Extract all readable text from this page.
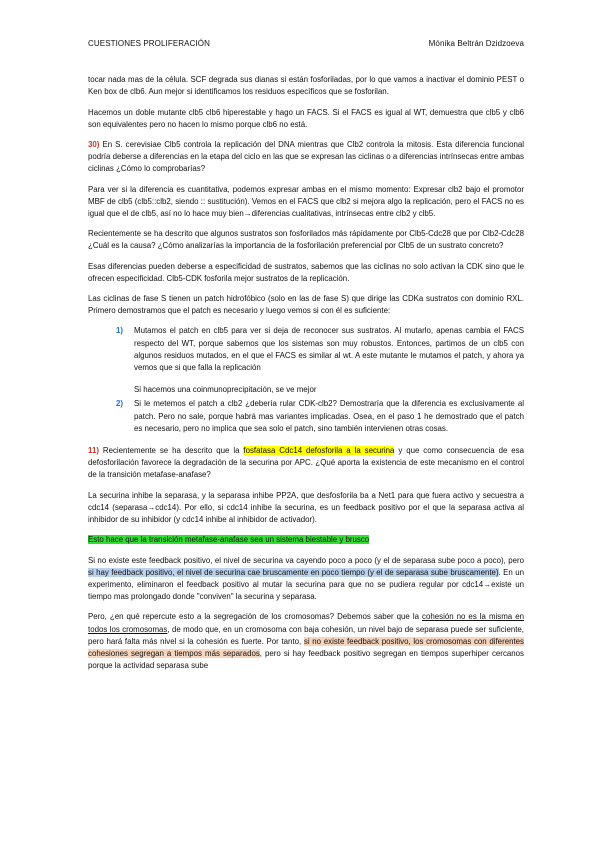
CUESTIONES PROLIFERACIÓN	Mónika Beltrán Dzidzoeva

tocar nada mas de la célula. SCF degrada sus dianas si están fosforiladas, por lo que vamos a inactivar el dominio PEST o Ken box de clb6. Aun mejor si identificamos los residuos específicos que se fosforilan.

Hacemos un doble mutante clb5 clb6 hiperestable y hago un FACS. Si el FACS es igual al WT, demuestra que clb5 y clb6 son equivalentes pero no hacen lo mismo porque clb6 no está.

30) En S. cerevisiae Clb5 controla la replicación del DNA mientras que Clb2 controla la mitosis. Esta diferencia funcional podría deberse a diferencias en la etapa del ciclo en las que se expresan las ciclinas o a diferencias intrínsecas entre ambas ciclinas ¿Cómo lo comprobarías?

Para ver si la diferencia es cuantitativa, podemos expresar ambas en el mismo momento: Expresar clb2 bajo el promotor MBF de clb5 (clb5::clb2, siendo :: sustitución). Vemos en el FACS que clb2 si mejora algo la replicación, pero el FACS no es igual que el de clb5, así no lo hace muy bien→diferencias cualitativas, intrínsecas entre clb2 y clb5.

Recientemente se ha descrito que algunos sustratos son fosforilados más rápidamente por Clb5-Cdc28 que por Clb2-Cdc28 ¿Cuál es la causa? ¿Cómo analizarías la importancia de la fosforilación preferencial por Clb5 de un sustrato concreto?

Esas diferencias pueden deberse a especificidad de sustratos, sabemos que las ciclinas no solo activan la CDK sino que le ofrecen especificidad. Clb5-CDK fosforila mejor sustratos de la replicación.

Las ciclinas de fase S tienen un patch hidrofóbico (solo en las de fase S) que dirige las CDKa sustratos con dominio RXL. Primero demostramos que el patch es necesario y luego vemos si con él es suficiente:

1)	Mutamos el patch en clb5 para ver si deja de reconocer sus sustratos. Al mutarlo, apenas cambia el FACS respecto del WT, porque sabemos que los sistemas son muy robustos. Entonces, partimos de un clb5 con algunos residuos mutados, en el que el FACS es similar al wt. A este mutante le mutamos el patch, y ahora ya vemos que si que falla la replicación

Si hacemos una coinmunoprecipitación, se ve mejor

2)	Si le metemos el patch a clb2 ¿debería rular CDK-clb2? Demostraría que la diferencia es exclusivamente al patch. Pero no sale, porque habrá mas variantes implicadas. Osea, en el paso 1 he demostrado que el patch es necesario, pero no implica que sea solo el patch, sino también intervienen otras cosas.

11) Recientemente se ha descrito que la fosfatasa Cdc14 defosforila a la securina y que como consecuencia de esa defosforilación favorece la degradación de la securina por APC. ¿Qué aporta la existencia de este mecanismo en el control de la transición metafase-anafase?

La securina inhibe la separasa, y la separasa inhibe PP2A, que desfosforila ba a Net1 para que fuera activo y secuestra a cdc14 (separasa→cdc14). Por ello, si cdc14 inhibe la securina, es un feedback positivo por el que la separasa activa al inhibidor de su inhibidor (y cdc14 inhibe al inhibidor de activador).

Esto hace que la transición metafase-anafase sea un sistema biestable y brusco

Si no existe este feedback positivo, el nivel de securina va cayendo poco a poco (y el de separasa sube poco a poco), pero si hay feedback positivo, el nivel de securina cae bruscamente en poco tiempo (y el de separasa sube bruscamente). En un experimento, eliminaron el feedback positivo al mutar la securina para que no se pudiera regular por cdc14→existe un tiempo mas prolongado donde "conviven" la securina y separasa.

Pero, ¿en qué repercute esto a la segregación de los cromosomas? Debemos saber que la cohesión no es la misma en todos los cromosomas, de modo que, en un cromosoma con baja cohesión, un nivel bajo de separasa puede ser suficiente, pero hará falta más nivel si la cohesión es fuerte. Por tanto, si no existe feedback positivo, los cromosomas con diferentes cohesiones segregan a tiempos más separados, pero si hay feedback positivo segregan en tiempos superhiper cercanos porque la actividad separasa sube
